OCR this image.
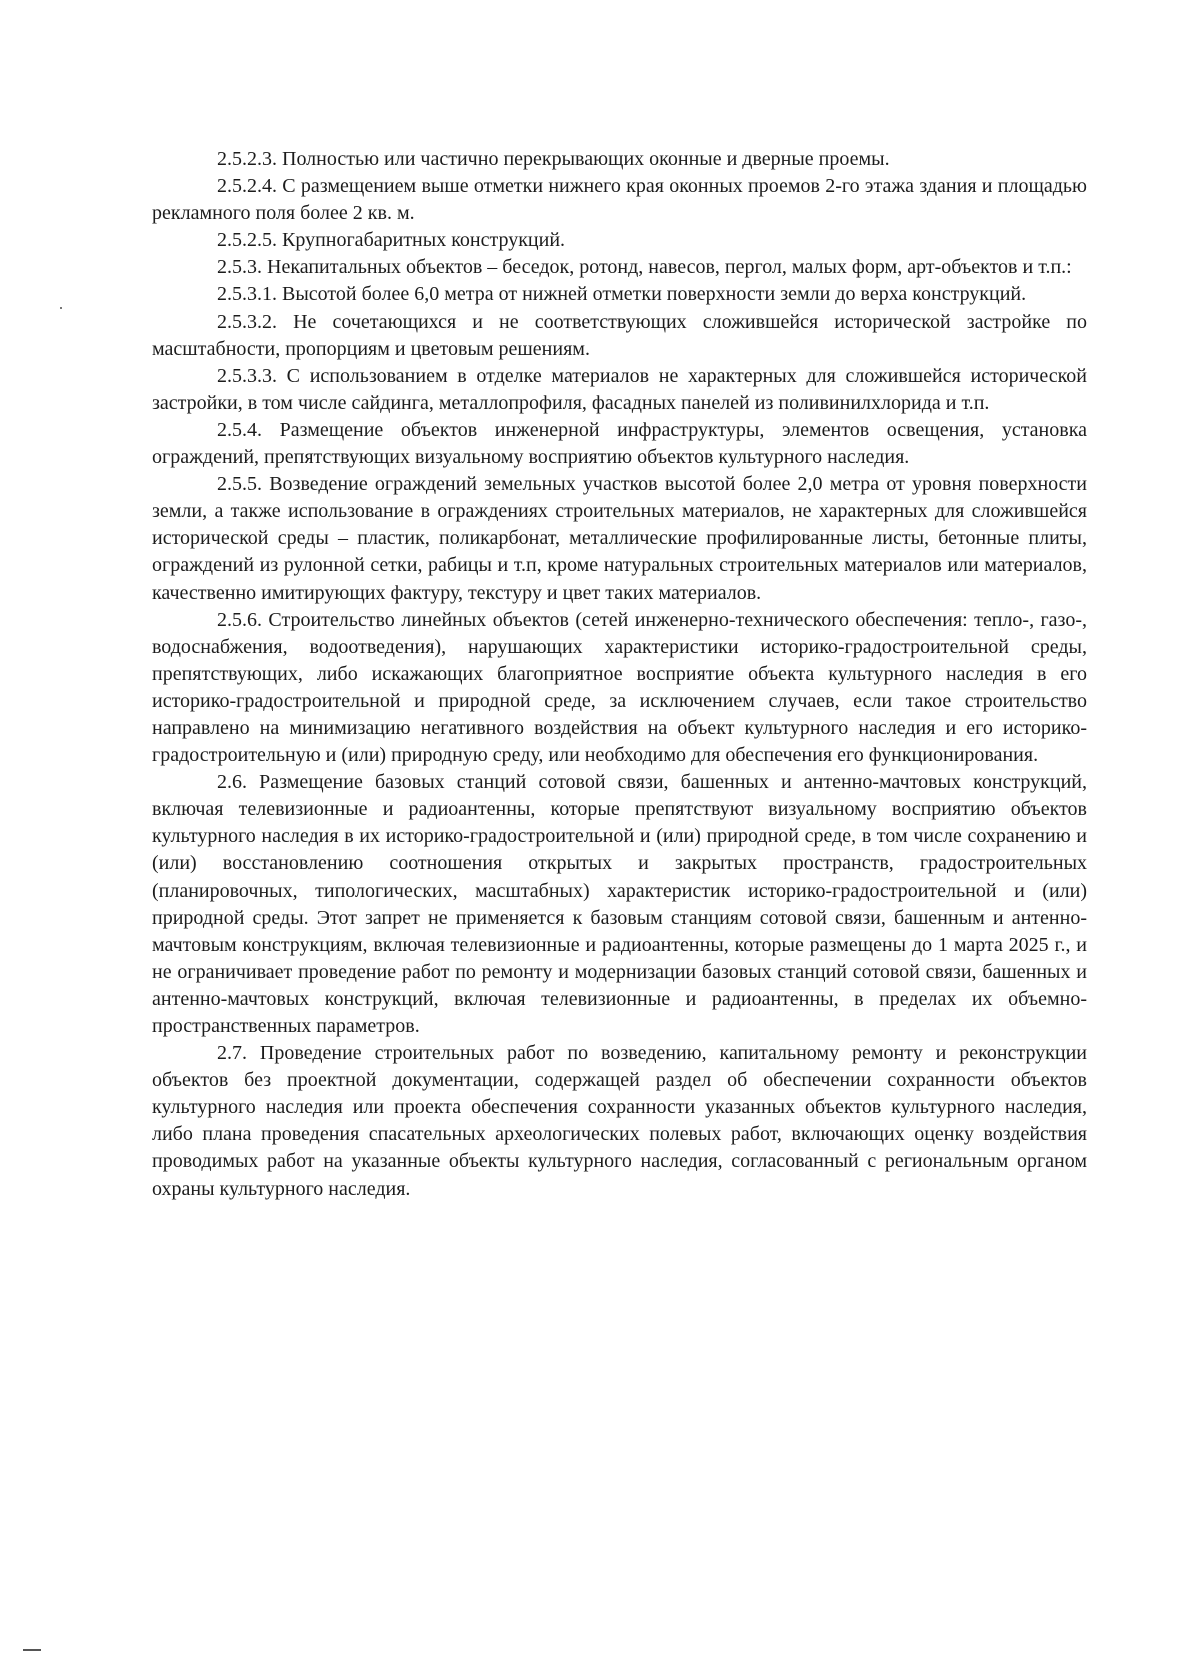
2.5.2.3. Полностью или частично перекрывающих оконные и дверные проемы.

2.5.2.4. С размещением выше отметки нижнего края оконных проемов 2-го этажа здания и площадью рекламного поля более 2 кв. м.

2.5.2.5. Крупногабаритных конструкций.

2.5.3. Некапитальных объектов – беседок, ротонд, навесов, пергол, малых форм, арт-объектов и т.п.:

2.5.3.1. Высотой более 6,0 метра от нижней отметки поверхности земли до верха конструкций.

2.5.3.2. Не сочетающихся и не соответствующих сложившейся исторической застройке по масштабности, пропорциям и цветовым решениям.

2.5.3.3. С использованием в отделке материалов не характерных для сложившейся исторической застройки, в том числе сайдинга, металлопрофиля, фасадных панелей из поливинилхлорида и т.п.

2.5.4. Размещение объектов инженерной инфраструктуры, элементов освещения, установка ограждений, препятствующих визуальному восприятию объектов культурного наследия.

2.5.5. Возведение ограждений земельных участков высотой более 2,0 метра от уровня поверхности земли, а также использование в ограждениях строительных материалов, не характерных для сложившейся исторической среды – пластик, поликарбонат, металлические профилированные листы, бетонные плиты, ограждений из рулонной сетки, рабицы и т.п, кроме натуральных строительных материалов или материалов, качественно имитирующих фактуру, текстуру и цвет таких материалов.

2.5.6. Строительство линейных объектов (сетей инженерно-технического обеспечения: тепло-, газо-, водоснабжения, водоотведения), нарушающих характеристики историко-градостроительной среды, препятствующих, либо искажающих благоприятное восприятие объекта культурного наследия в его историко-градостроительной и природной среде, за исключением случаев, если такое строительство направлено на минимизацию негативного воздействия на объект культурного наследия и его историко-градостроительную и (или) природную среду, или необходимо для обеспечения его функционирования.

2.6. Размещение базовых станций сотовой связи, башенных и антенно-мачтовых конструкций, включая телевизионные и радиоантенны, которые препятствуют визуальному восприятию объектов культурного наследия в их историко-градостроительной и (или) природной среде, в том числе сохранению и (или) восстановлению соотношения открытых и закрытых пространств, градостроительных (планировочных, типологических, масштабных) характеристик историко-градостроительной и (или) природной среды. Этот запрет не применяется к базовым станциям сотовой связи, башенным и антенно-мачтовым конструкциям, включая телевизионные и радиоантенны, которые размещены до 1 марта 2025 г., и не ограничивает проведение работ по ремонту и модернизации базовых станций сотовой связи, башенных и антенно-мачтовых конструкций, включая телевизионные и радиоантенны, в пределах их объемно-пространственных параметров.

2.7. Проведение строительных работ по возведению, капитальному ремонту и реконструкции объектов без проектной документации, содержащей раздел об обеспечении сохранности объектов культурного наследия или проекта обеспечения сохранности указанных объектов культурного наследия, либо плана проведения спасательных археологических полевых работ, включающих оценку воздействия проводимых работ на указанные объекты культурного наследия, согласованный с региональным органом охраны культурного наследия.
